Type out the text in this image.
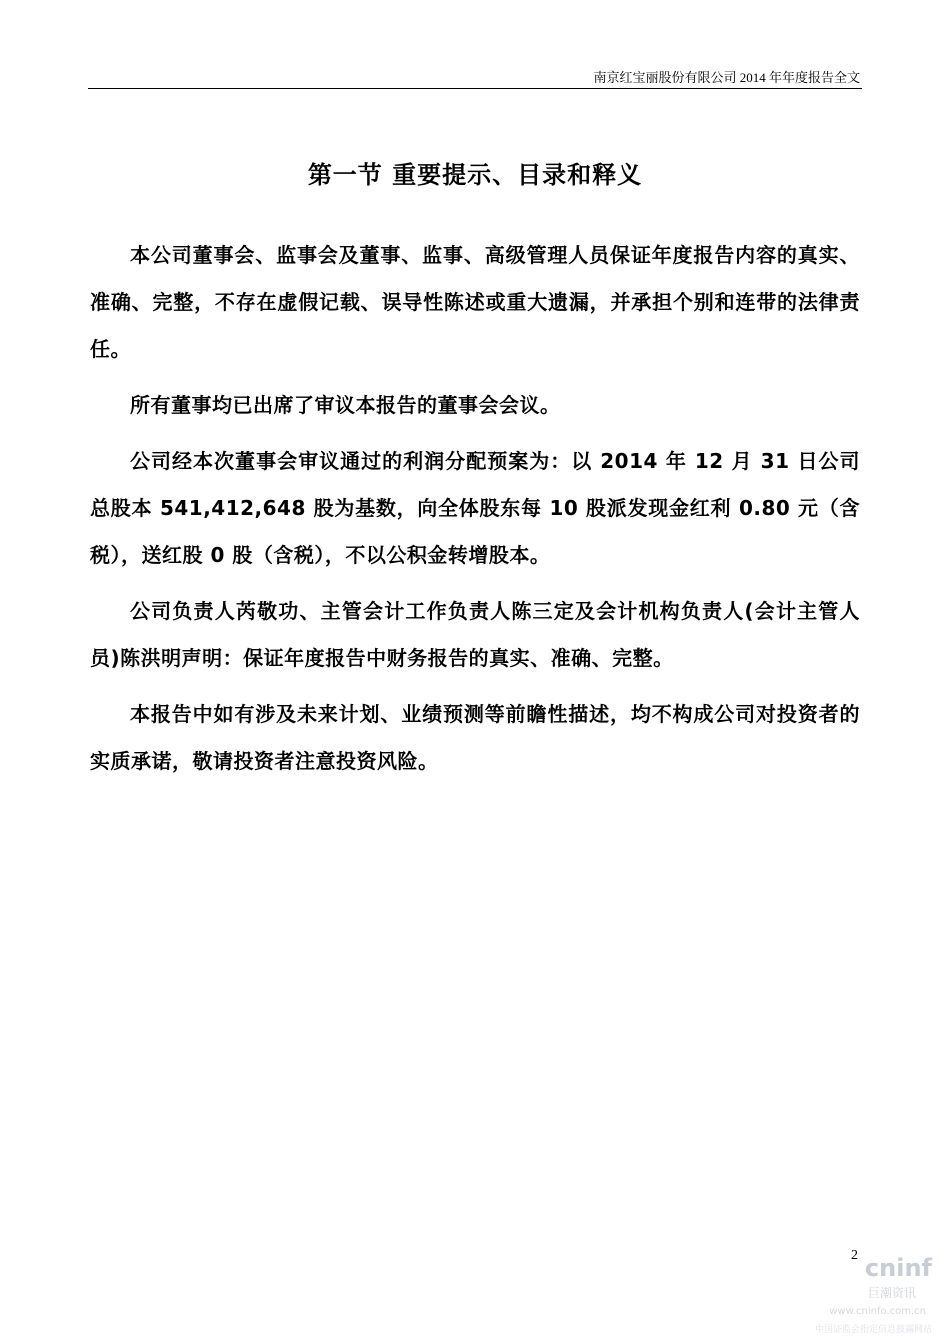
南京红宝丽股份有限公司 2014 年年度报告全文
第一节 重要提示、目录和释义

本公司董事会、监事会及董事、监事、高级管理人员保证年度报告内容的真实、准确、完整，不存在虚假记载、误导性陈述或重大遗漏，并承担个别和连带的法律责任。

所有董事均已出席了审议本报告的董事会会议。

公司经本次董事会审议通过的利润分配预案为：以 2014 年 12 月 31 日公司总股本 541,412,648 股为基数，向全体股东每 10 股派发现金红利 0.80 元（含税），送红股 0 股（含税），不以公积金转增股本。

公司负责人芮敬功、主管会计工作负责人陈三定及会计机构负责人(会计主管人员)陈洪明声明：保证年度报告中财务报告的真实、准确、完整。

本报告中如有涉及未来计划、业绩预测等前瞻性描述，均不构成公司对投资者的实质承诺，敬请投资者注意投资风险。

2 cninf
巨潮资讯
www.cninfo.com.cn
中国证监会指定信息披露网站
